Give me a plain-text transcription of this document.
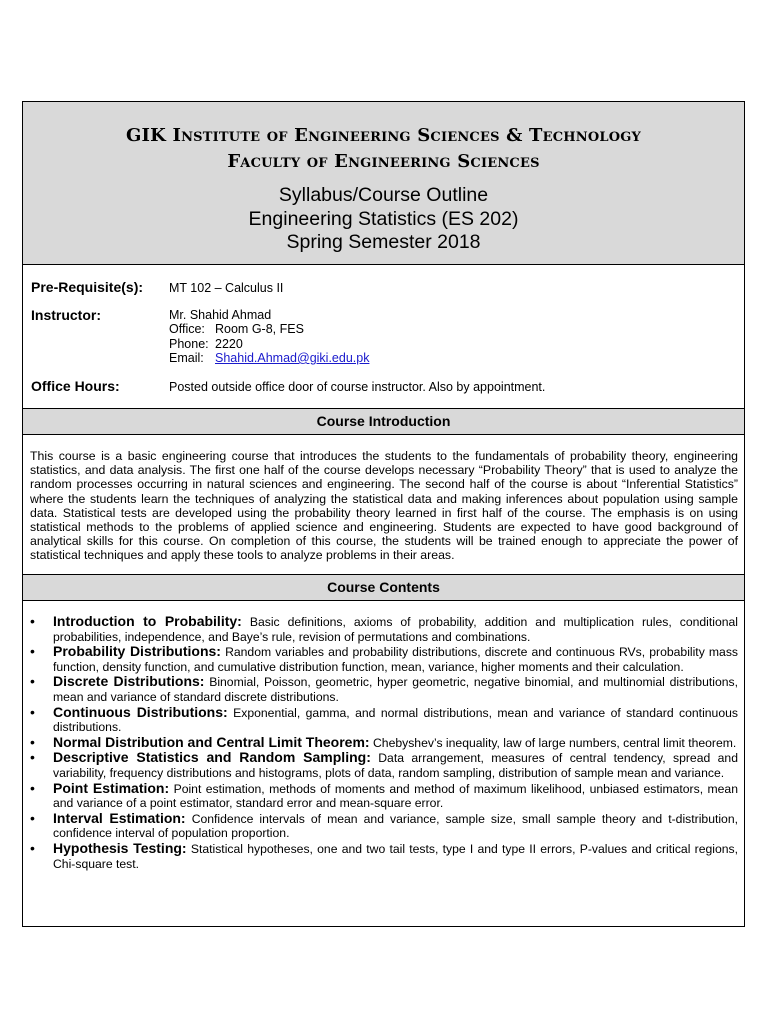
GIK Institute of Engineering Sciences & Technology
Faculty of Engineering Sciences
Syllabus/Course Outline
Engineering Statistics (ES 202)
Spring Semester 2018
Pre-Requisite(s): MT 102 – Calculus II
Instructor:	Mr. Shahid Ahmad
Office: Room G-8, FES
Phone: 2220
Email: Shahid.Ahmad@giki.edu.pk
Office Hours:	Posted outside office door of course instructor. Also by appointment.
Course Introduction
This course is a basic engineering course that introduces the students to the fundamentals of probability theory, engineering statistics, and data analysis. The first one half of the course develops necessary “Probability Theory” that is used to analyze the random processes occurring in natural sciences and engineering. The second half of the course is about “Inferential Statistics” where the students learn the techniques of analyzing the statistical data and making inferences about population using sample data. Statistical tests are developed using the probability theory learned in first half of the course. The emphasis is on using statistical methods to the problems of applied science and engineering. Students are expected to have good background of analytical skills for this course. On completion of this course, the students will be trained enough to appreciate the power of statistical techniques and apply these tools to analyze problems in their areas.
Course Contents
•	Introduction to Probability: Basic definitions, axioms of probability, addition and multiplication rules, conditional probabilities, independence, and Baye’s rule, revision of permutations and combinations.
•	Probability Distributions: Random variables and probability distributions, discrete and continuous RVs, probability mass function, density function, and cumulative distribution function, mean, variance, higher moments and their calculation.
•	Discrete Distributions: Binomial, Poisson, geometric, hyper geometric, negative binomial, and multinomial distributions, mean and variance of standard discrete distributions.
•	Continuous Distributions: Exponential, gamma, and normal distributions, mean and variance of standard continuous distributions.
•	Normal Distribution and Central Limit Theorem: Chebyshev’s inequality, law of large numbers, central limit theorem.
•	Descriptive Statistics and Random Sampling: Data arrangement, measures of central tendency, spread and variability, frequency distributions and histograms, plots of data, random sampling, distribution of sample mean and variance.
•	Point Estimation: Point estimation, methods of moments and method of maximum likelihood, unbiased estimators, mean and variance of a point estimator, standard error and mean-square error.
•	Interval Estimation: Confidence intervals of mean and variance, sample size, small sample theory and t-distribution, confidence interval of population proportion.
•	Hypothesis Testing: Statistical hypotheses, one and two tail tests, type I and type II errors, P-values and critical regions, Chi-square test.
